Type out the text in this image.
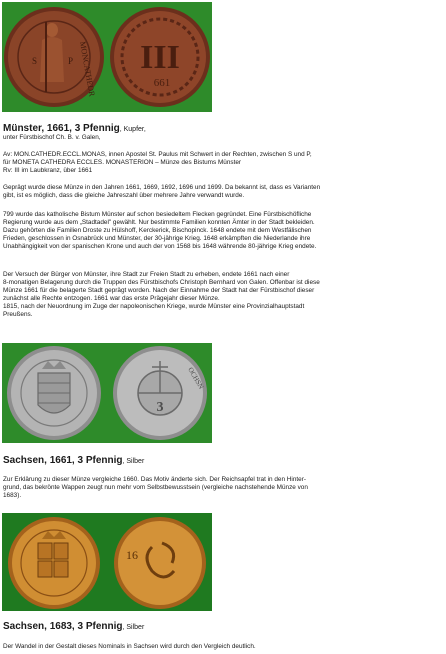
S	P MONCATHEDR III
661
Münster, 1661, 3 Pfennig, Kupfer,
unter Fürstbischof Ch. B. v. Galen,
Av: MON.CATHEDR.ECCL.MONAS, innen Apostel St. Paulus mit Schwert in der Rechten, zwischen S und P,
für MONETA CATHEDRA ECCLES. MONASTERION – Münze des Bistums Münster
Rv: III im Laubkranz, über 1661
Geprägt wurde diese Münze in den Jahren 1661, 1669, 1692, 1696 und 1699. Da bekannt ist, dass es Varianten
gibt, ist es möglich, dass die gleiche Jahreszahl über mehrere Jahre verwandt wurde.
799 wurde das katholische Bistum Münster auf schon besiedeltem Flecken gegründet. Eine Fürstbischöfliche
Regierung wurde aus dem „Stadtadel" gewählt. Nur bestimmte Familien konnten Ämter in der Stadt bekleiden.
Dazu gehörten die Familien Droste zu Hülshoff, Kerckerick, Bischopinck. 1648 endete mit dem Westfälischen
Frieden, geschlossen in Osnabrück und Münster, der 30-jährige Krieg. 1648 erkämpften die Niederlande ihre
Unabhängigkeit von der spanischen Krone und auch der von 1568 bis 1648 währende 80-jährige Krieg endete.
Der Versuch der Bürger von Münster, ihre Stadt zur Freien Stadt zu erheben, endete 1661 nach einer
8-monatigen Belagerung durch die Truppen des Fürstbischofs Christoph Bernhard von Galen. Offenbar ist diese
Münze 1661 für die belagerte Stadt geprägt worden. Nach der Einnahme der Stadt hat der Fürstbischof dieser
zunächst alle Rechte entzogen. 1661 war das erste Prägejahr dieser Münze.
1815, nach der Neuordnung im Zuge der napoleonischen Kriege, wurde Münster eine Provinzialhauptstadt
Preußens.
3
OCHSN
Sachsen, 1661, 3 Pfennig, Silber
Zur Erklärung zu dieser Münze vergleiche 1660. Das Motiv änderte sich. Der Reichsapfel trat in den Hinter-
grund, das bekrönte Wappen zeugt nun mehr vom Selbstbewusstsein (vergleiche nachstehende Münze von
1683).
16
Sachsen, 1683, 3 Pfennig, Silber
Der Wandel in der Gestalt dieses Nominals in Sachsen wird durch den Vergleich deutlich.
